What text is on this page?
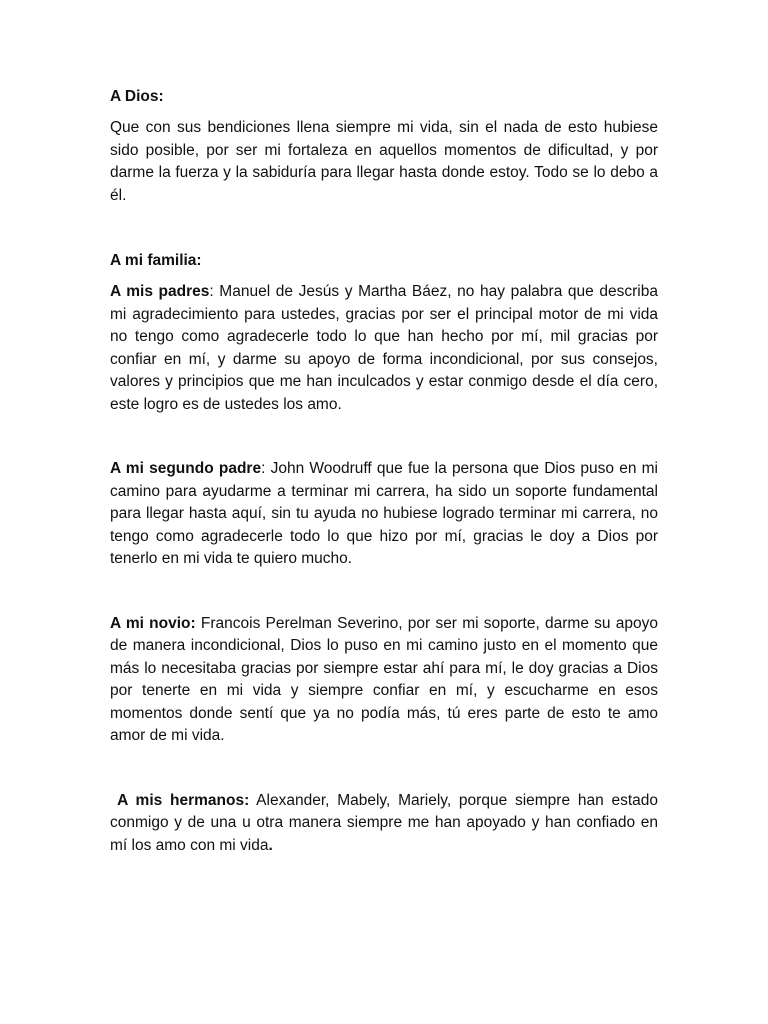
A Dios:

Que con sus bendiciones llena siempre mi vida, sin el nada de esto hubiese sido posible, por ser mi fortaleza en aquellos momentos de dificultad, y por darme la fuerza y la sabiduría para llegar hasta donde estoy. Todo se lo debo a él.

A mi familia:

A mis padres: Manuel de Jesús y Martha Báez, no hay palabra que describa mi agradecimiento para ustedes, gracias por ser el principal motor de mi vida no tengo como agradecerle todo lo que han hecho por mí, mil gracias por confiar en mí, y darme su apoyo de forma incondicional, por sus consejos, valores y principios que me han inculcados y estar conmigo desde el día cero, este logro es de ustedes los amo.

A mi segundo padre: John Woodruff que fue la persona que Dios puso en mi camino para ayudarme a terminar mi carrera, ha sido un soporte fundamental para llegar hasta aquí, sin tu ayuda no hubiese logrado terminar mi carrera, no tengo como agradecerle todo lo que hizo por mí, gracias le doy a Dios por tenerlo en mi vida te quiero mucho.

A mi novio: Francois Perelman Severino, por ser mi soporte, darme su apoyo de manera incondicional, Dios lo puso en mi camino justo en el momento que más lo necesitaba gracias por siempre estar ahí para mí, le doy gracias a Dios por tenerte en mi vida y siempre confiar en mí, y escucharme en esos momentos donde sentí que ya no podía más, tú eres parte de esto te amo amor de mi vida.

A mis hermanos: Alexander, Mabely, Mariely, porque siempre han estado conmigo y de una u otra manera siempre me han apoyado y han confiado en mí los amo con mi vida.
